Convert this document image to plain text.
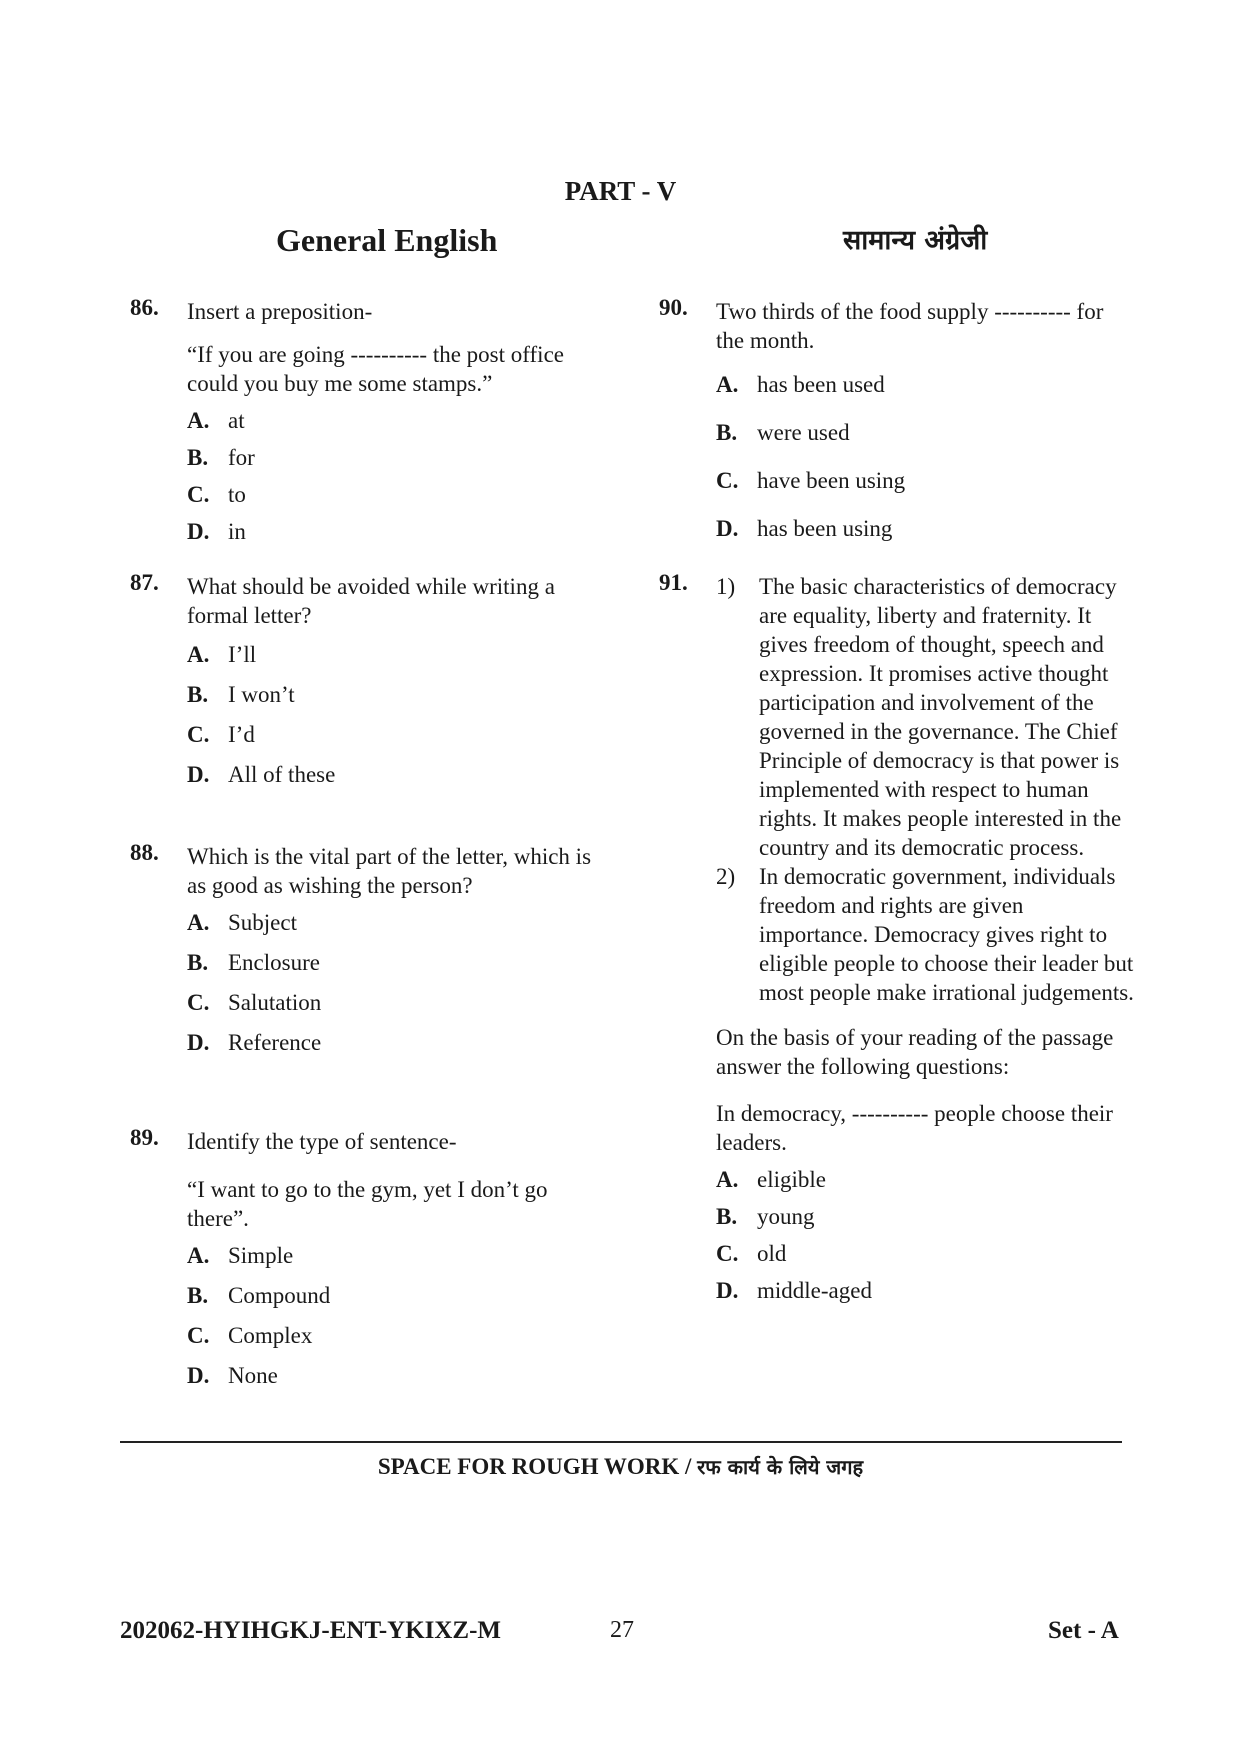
PART - V
General English	सामान्य अंग्रेजी
86. Insert a preposition-

“If you are going ---------- the post office could you buy me some stamps.”

A. at
B. for
C. to
D. in
87. What should be avoided while writing a formal letter?

A. I’ll
B. I won’t
C. I’d
D. All of these
88. Which is the vital part of the letter, which is as good as wishing the person?

A. Subject
B. Enclosure
C. Salutation
D. Reference
89. Identify the type of sentence-

“I want to go to the gym, yet I don’t go there”.

A. Simple
B. Compound
C. Complex
D. None
90. Two thirds of the food supply ---------- for the month.

A. has been used
B. were used
C. have been using
D. has been using
91. 1)	The basic characteristics of democracy are equality, liberty and fraternity. It gives freedom of thought, speech and expression. It promises active thought participation and involvement of the governed in the governance. The Chief Principle of democracy is that power is implemented with respect to human rights. It makes people interested in the country and its democratic process.

2)	In democratic government, individuals freedom and rights are given importance. Democracy gives right to eligible people to choose their leader but most people make irrational judgements.

On the basis of your reading of the passage answer the following questions:

In democracy, ---------- people choose their leaders.

A. eligible
B. young
C. old
D. middle-aged
SPACE FOR ROUGH WORK / रफ कार्य के लिये जगह
202062-HYIHGKJ-ENT-YKIXZ-M	27	Set - A
